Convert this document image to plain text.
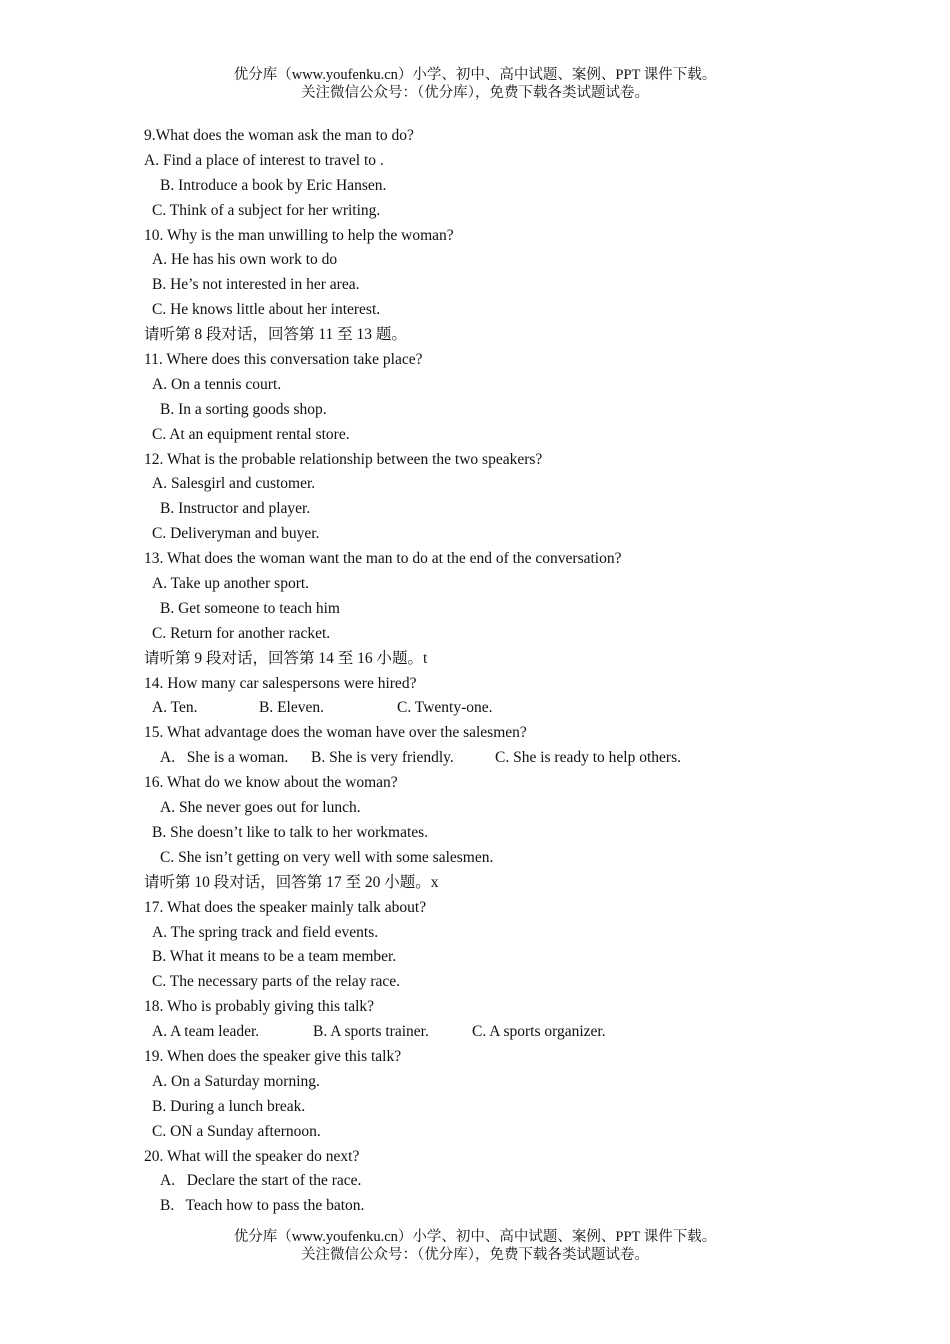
优分库（www.youfenku.cn）小学、初中、高中试题、案例、PPT 课件下载。
关注微信公众号：（优分库），免费下载各类试题试卷。
9.What does the woman ask the man to do?
A. Find a place of interest to travel to .
B. Introduce a book by Eric Hansen.
C. Think of a subject for her writing.
10. Why is the man unwilling to help the woman?
A. He has his own work to do
B. He’s not interested in her area.
C. He knows little about her interest.
请听第 8 段对话，回答第 11 至 13 题。
11. Where does this conversation take place?
A. On a tennis court.
B. In a sorting goods shop.
C. At an equipment rental store.
12. What is the probable relationship between the two speakers?
A. Salesgirl and customer.
B. Instructor and player.
C. Deliveryman and buyer.
13. What does the woman want the man to do at the end of the conversation?
A. Take up another sport.
B. Get someone to teach him
C. Return for another racket.
请听第 9 段对话，回答第 14 至 16 小题。t
14. How many car salespersons were hired?
A. Ten.	B. Eleven.	C. Twenty-one.
15. What advantage does the woman have over the salesmen?
A.   She is a woman.	B. She is very friendly.	C. She is ready to help others.
16. What do we know about the woman?
A. She never goes out for lunch.
B. She doesn’t like to talk to her workmates.
C. She isn’t getting on very well with some salesmen.
请听第 10 段对话，回答第 17 至 20 小题。x
17. What does the speaker mainly talk about?
A. The spring track and field events.
B. What it means to be a team member.
C. The necessary parts of the relay race.
18. Who is probably giving this talk?
A. A team leader.	B. A sports trainer.	C. A sports organizer.
19. When does the speaker give this talk?
A. On a Saturday morning.
B. During a lunch break.
C. ON a Sunday afternoon.
20. What will the speaker do next?
A.   Declare the start of the race.
B.   Teach how to pass the baton.
优分库（www.youfenku.cn）小学、初中、高中试题、案例、PPT 课件下载。
关注微信公众号：（优分库），免费下载各类试题试卷。
